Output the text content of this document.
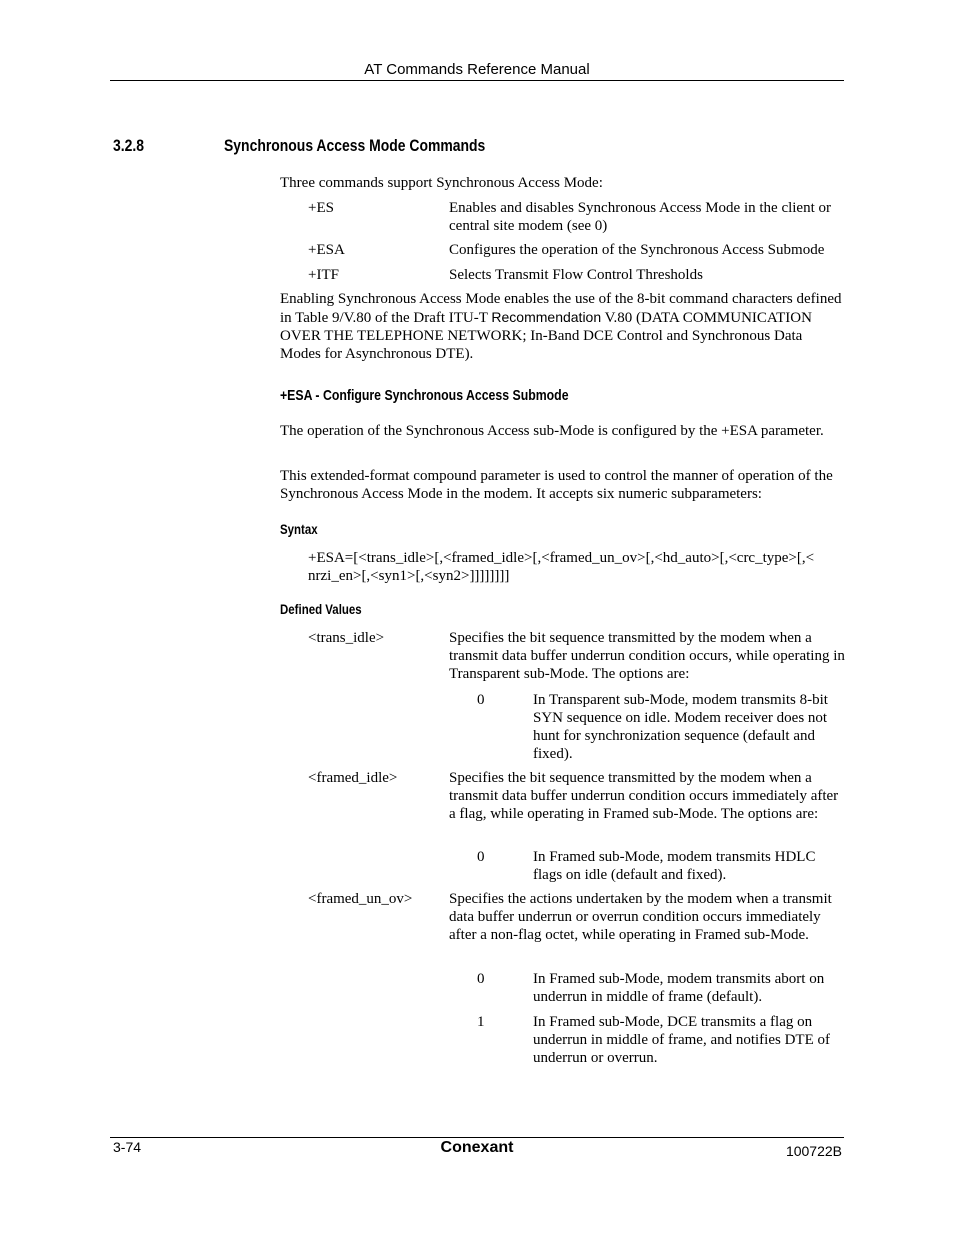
AT Commands Reference Manual
3.2.8	Synchronous Access Mode Commands
Three commands support Synchronous Access Mode:
+ES	Enables and disables Synchronous Access Mode in the client or central site modem (see 0)
+ESA	Configures the operation of the Synchronous Access Submode
+ITF	Selects Transmit Flow Control Thresholds
Enabling Synchronous Access Mode enables the use of the 8-bit command characters defined in Table 9/V.80 of the Draft ITU-T Recommendation V.80 (DATA COMMUNICATION OVER THE TELEPHONE NETWORK; In-Band DCE Control and Synchronous Data Modes for Asynchronous DTE).
+ESA - Configure Synchronous Access Submode
The operation of the Synchronous Access sub-Mode is configured by the +ESA parameter.
This extended-format compound parameter is used to control the manner of operation of the Synchronous Access Mode in the modem. It accepts six numeric subparameters:
Syntax
+ESA=[<trans_idle>[,<framed_idle>[,<framed_un_ov>[,<hd_auto>[,<crc_type>[,< nrzi_en>[,<syn1>[,<syn2>]]]]]]]]
Defined Values
<trans_idle>	Specifies the bit sequence transmitted by the modem when a transmit data buffer underrun condition occurs, while operating in Transparent sub-Mode. The options are:
0	In Transparent sub-Mode, modem transmits 8-bit SYN sequence on idle. Modem receiver does not hunt for synchronization sequence (default and fixed).
<framed_idle>	Specifies the bit sequence transmitted by the modem when a transmit data buffer underrun condition occurs immediately after a flag, while operating in Framed sub-Mode. The options are:
0	In Framed sub-Mode, modem transmits HDLC flags on idle (default and fixed).
<framed_un_ov> Specifies the actions undertaken by the modem when a transmit data buffer underrun or overrun condition occurs immediately after a non-flag octet, while operating in Framed sub-Mode.
0	In Framed sub-Mode, modem transmits abort on underrun in middle of frame (default).
1	In Framed sub-Mode, DCE transmits a flag on underrun in middle of frame, and notifies DTE of underrun or overrun.
3-74	Conexant	100722B
